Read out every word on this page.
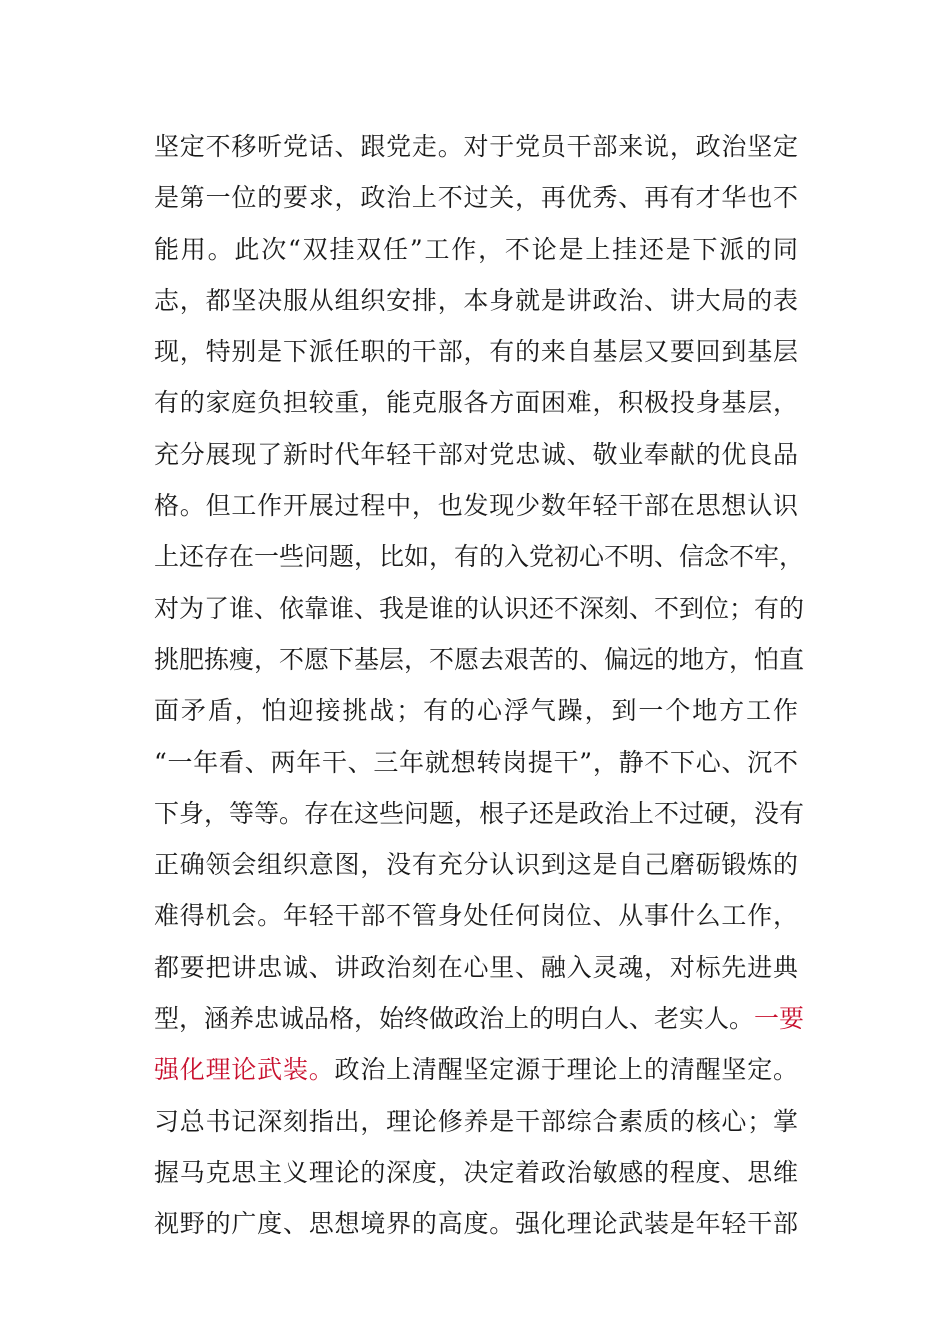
坚定不移听党话、跟党走。对于党员干部来说，政治坚定
是第一位的要求，政治上不过关，再优秀、再有才华也不
能用。此次“双挂双任”工作，不论是上挂还是下派的同
志，都坚决服从组织安排，本身就是讲政治、讲大局的表
现，特别是下派任职的干部，有的来自基层又要回到基层
有的家庭负担较重，能克服各方面困难，积极投身基层，
充分展现了新时代年轻干部对党忠诚、敬业奉献的优良品
格。但工作开展过程中，也发现少数年轻干部在思想认识
上还存在一些问题，比如，有的入党初心不明、信念不牢，
对为了谁、依靠谁、我是谁的认识还不深刻、不到位；有的
挑肥拣瘦，不愿下基层，不愿去艰苦的、偏远的地方，怕直
面矛盾，怕迎接挑战；有的心浮气躁，到一个地方工作
“一年看、两年干、三年就想转岗提干”，静不下心、沉不
下身，等等。存在这些问题，根子还是政治上不过硬，没有
正确领会组织意图，没有充分认识到这是自己磨砺锻炼的
难得机会。年轻干部不管身处任何岗位、从事什么工作，
都要把讲忠诚、讲政治刻在心里、融入灵魂，对标先进典
型，涵养忠诚品格，始终做政治上的明白人、老实人。一要
强化理论武装。政治上清醒坚定源于理论上的清醒坚定。
习总书记深刻指出，理论修养是干部综合素质的核心；掌
握马克思主义理论的深度，决定着政治敏感的程度、思维
视野的广度、思想境界的高度。强化理论武装是年轻干部
